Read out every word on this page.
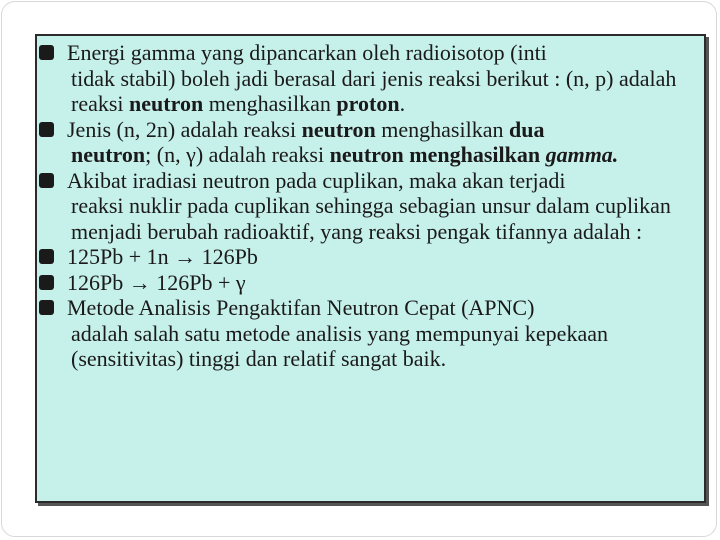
Energi gamma yang dipancarkan oleh radioisotop (inti
tidak stabil) boleh jadi berasal dari jenis reaksi berikut : (n, p) adalah reaksi neutron menghasilkan proton.
Jenis (n, 2n) adalah reaksi neutron menghasilkan dua
neutron; (n, γ) adalah reaksi neutron menghasilkan gamma.
Akibat iradiasi neutron pada cuplikan, maka akan terjadi
reaksi nuklir pada cuplikan sehingga sebagian unsur dalam cuplikan menjadi berubah radioaktif, yang reaksi pengak tifannya adalah :
125Pb + 1n → 126Pb
126Pb → 126Pb + γ
Metode Analisis Pengaktifan Neutron Cepat (APNC)
adalah salah satu metode analisis yang mempunyai kepekaan (sensitivitas) tinggi dan relatif sangat baik.
